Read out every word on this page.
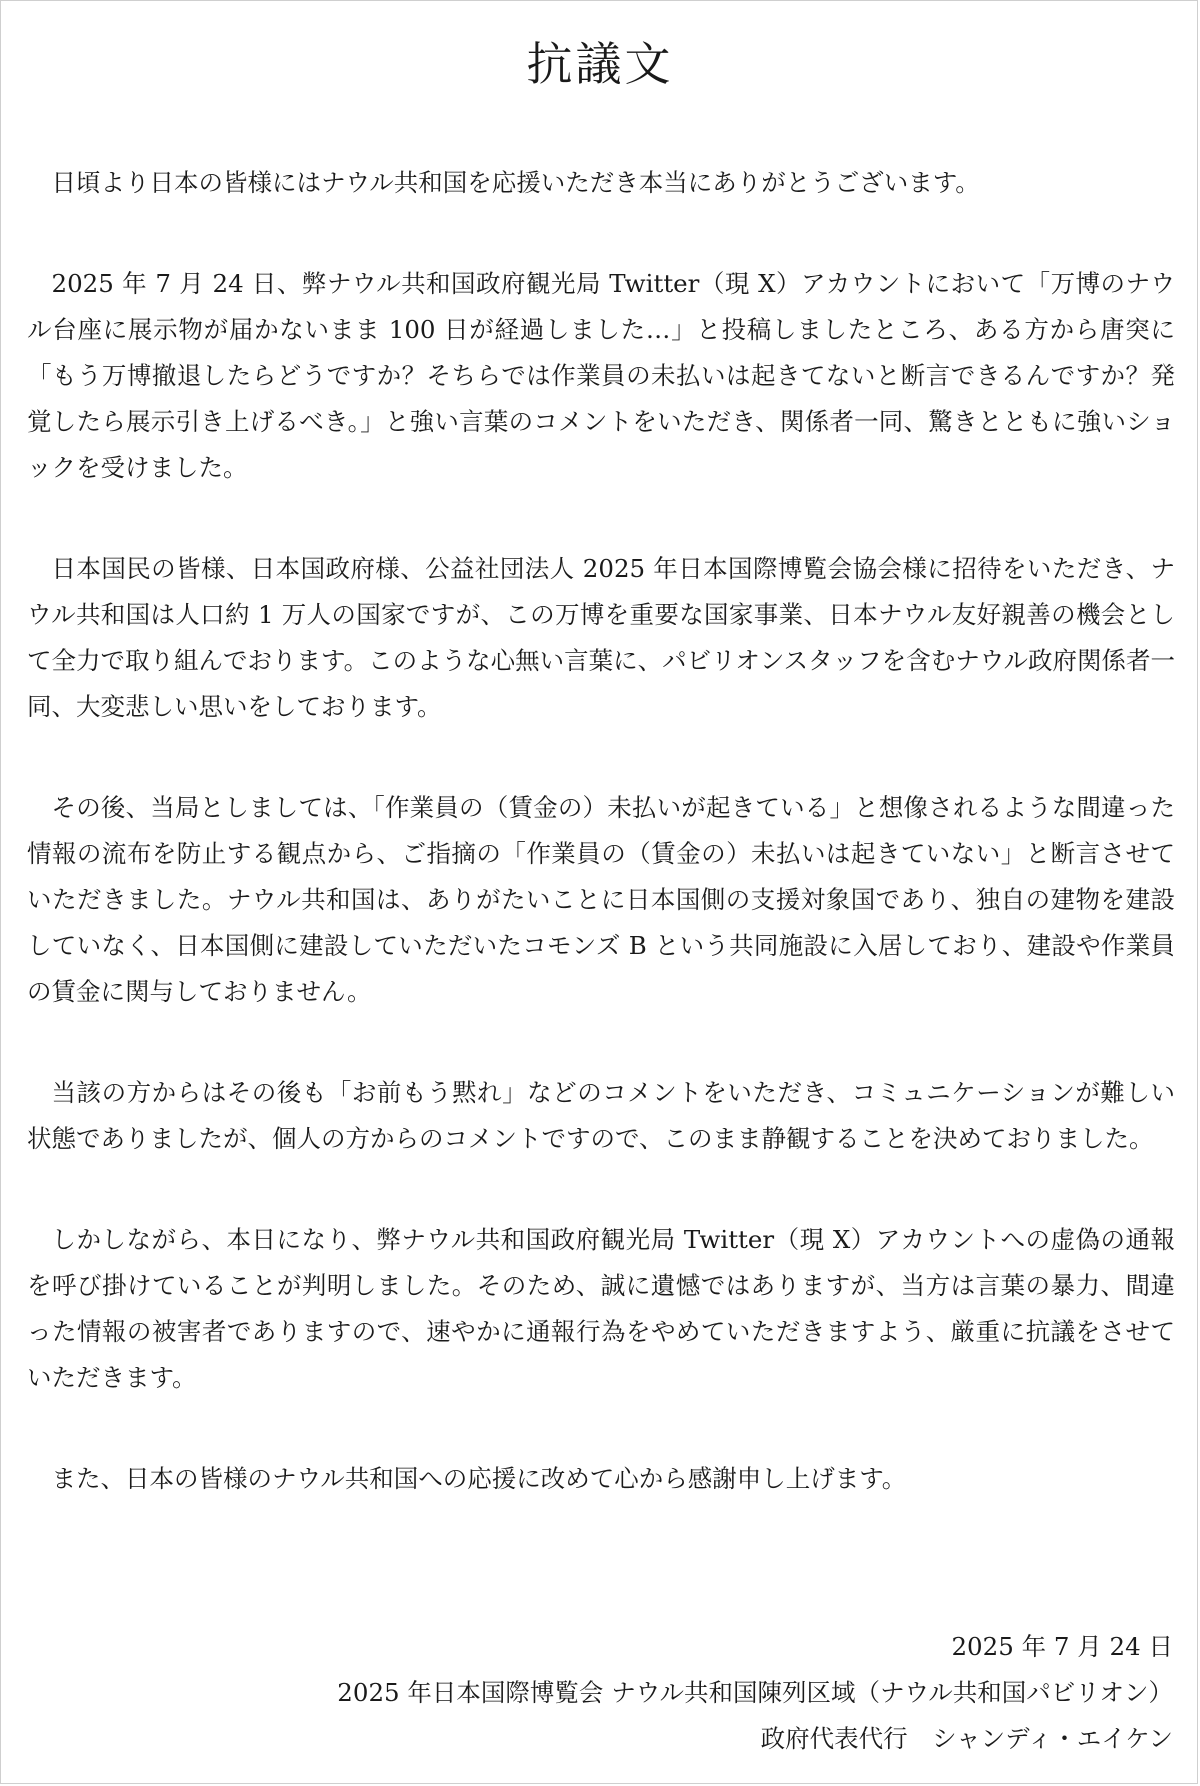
抗議文

日頃より日本の皆様にはナウル共和国を応援いただき本当にありがとうございます。

2025 年 7 月 24 日、弊ナウル共和国政府観光局 Twitter（現 X）アカウントにおいて「万博のナウル台座に展示物が届かないまま 100 日が経過しました…」と投稿しましたところ、ある方から唐突に「もう万博撤退したらどうですか？そちらでは作業員の未払いは起きてないと断言できるんですか？発覚したら展示引き上げるべき。」と強い言葉のコメントをいただき、関係者一同、驚きとともに強いショックを受けました。

日本国民の皆様、日本国政府様、公益社団法人 2025 年日本国際博覧会協会様に招待をいただき、ナウル共和国は人口約 1 万人の国家ですが、この万博を重要な国家事業、日本ナウル友好親善の機会として全力で取り組んでおります。このような心無い言葉に、パビリオンスタッフを含むナウル政府関係者一同、大変悲しい思いをしております。

その後、当局としましては、「作業員の（賃金の）未払いが起きている」と想像されるような間違った情報の流布を防止する観点から、ご指摘の「作業員の（賃金の）未払いは起きていない」と断言させていただきました。ナウル共和国は、ありがたいことに日本国側の支援対象国であり、独自の建物を建設していなく、日本国側に建設していただいたコモンズ B という共同施設に入居しており、建設や作業員の賃金に関与しておりません。

当該の方からはその後も「お前もう黙れ」などのコメントをいただき、コミュニケーションが難しい状態でありましたが、個人の方からのコメントですので、このまま静観することを決めておりました。

しかしながら、本日になり、弊ナウル共和国政府観光局 Twitter（現 X）アカウントへの虚偽の通報を呼び掛けていることが判明しました。そのため、誠に遺憾ではありますが、当方は言葉の暴力、間違った情報の被害者でありますので、速やかに通報行為をやめていただきますよう、厳重に抗議をさせていただきます。

また、日本の皆様のナウル共和国への応援に改めて心から感謝申し上げます。

2025 年 7 月 24 日
2025 年日本国際博覧会 ナウル共和国陳列区域（ナウル共和国パビリオン）
政府代表代行　シャンディ・エイケン
